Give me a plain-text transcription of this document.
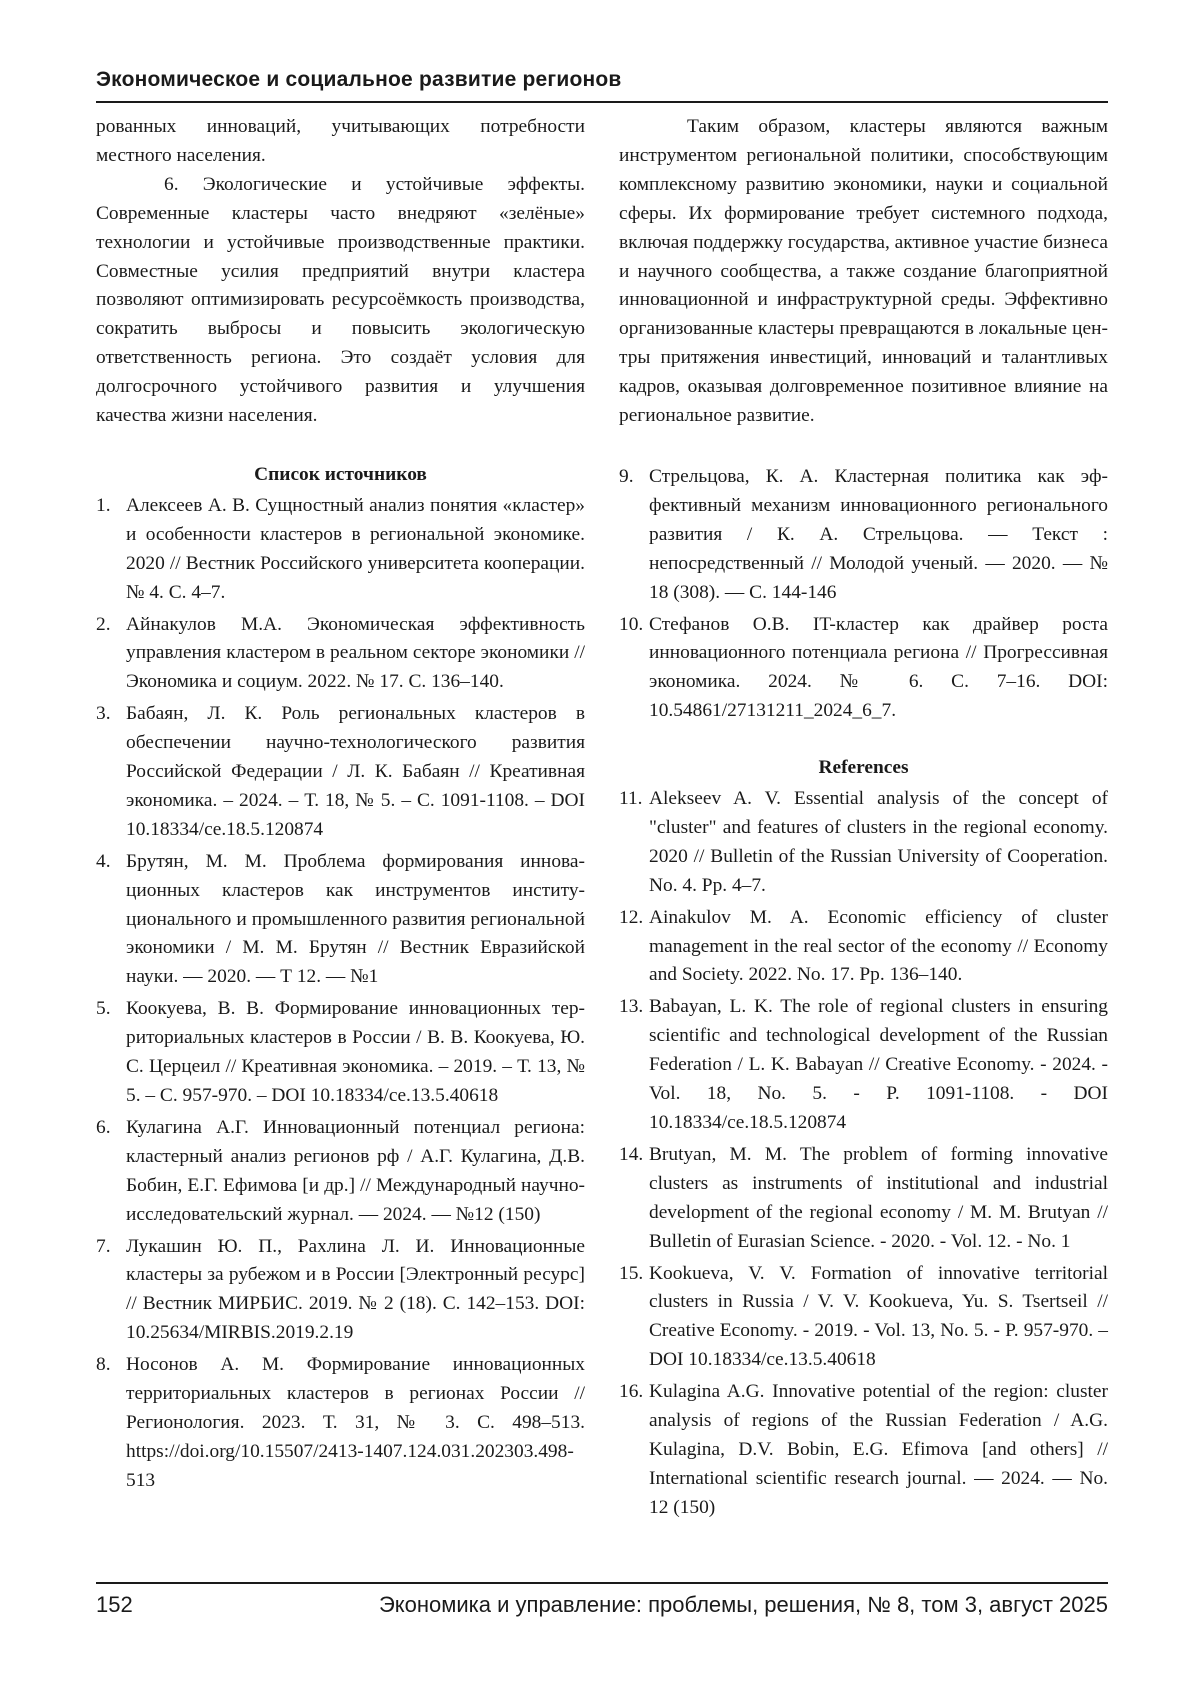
Экономическое и социальное развитие регионов

рованных инноваций, учитывающих потребности местного населения.

6. Экологические и устойчивые эффекты. Современные кластеры часто внедряют «зелёные» технологии и устойчивые производственные практики. Совместные усилия предприятий внутри кластера позволяют оптимизировать ресурсоёмкость производства, сократить выбросы и повысить экологическую ответственность региона. Это создаёт условия для долгосрочного устойчивого развития и улучшения качества жизни населения.

Список источников
1. Алексеев А. В. Сущностный анализ понятия «кластер» и особенности кластеров в региональной экономике. 2020 // Вестник Российского университета кооперации. № 4. С. 4–7.
2. Айнакулов М.А. Экономическая эффективность управления кластером в реальном секторе экономики // Экономика и социум. 2022. № 17. С. 136–140.
3. Бабаян, Л. К. Роль региональных кластеров в обеспечении научно-технологического развития Российской Федерации / Л. К. Бабаян // Креативная экономика. – 2024. – Т. 18, № 5. – С. 1091-1108. – DOI 10.18334/ce.18.5.120874
4. Брутян, М. М. Проблема формирования инновационных кластеров как инструментов институционального и промышленного развития региональной экономики / М. М. Брутян // Вестник Евразийской науки. — 2020. — Т 12. — №1
5. Коокуева, В. В. Формирование инновационных территориальных кластеров в России / В. В. Коокуева, Ю. С. Церцеил // Креативная экономика. – 2019. – Т. 13, № 5. – С. 957-970. – DOI 10.18334/ce.13.5.40618
6. Кулагина А.Г. Инновационный потенциал региона: кластерный анализ регионов рф / А.Г. Кулагина, Д.В. Бобин, Е.Г. Ефимова [и др.] // Международный научно-исследовательский журнал. — 2024. — №12 (150)
7. Лукашин Ю. П., Рахлина Л. И. Инновационные кластеры за рубежом и в России [Электронный ресурс] // Вестник МИРБИС. 2019. № 2 (18). С. 142–153. DOI: 10.25634/MIRBIS.2019.2.19
8. Носонов А. М. Формирование инновационных территориальных кластеров в регионах России // Регионология. 2023. Т. 31, № 3. С. 498–513. https://doi.org/10.15507/2413-1407.124.031.202303.498-513

Таким образом, кластеры являются важным инструментом региональной политики, способствующим комплексному развитию экономики, науки и социальной сферы. Их формирование требует системного подхода, включая поддержку государства, активное участие бизнеса и научного сообщества, а также создание благоприятной инновационной и инфраструктурной среды. Эффективно организованные кластеры превращаются в локальные центры притяжения инвестиций, инноваций и талантливых кадров, оказывая долговременное позитивное влияние на региональное развитие.

9. Стрельцова, К. А. Кластерная политика как эффективный механизм инновационного регионального развития / К. А. Стрельцова. — Текст : непосредственный // Молодой ученый. — 2020. — № 18 (308). — С. 144-146
10. Стефанов О.В. IT-кластер как драйвер роста инновационного потенциала региона // Прогрессивная экономика. 2024. № 6. С. 7–16. DOI: 10.54861/27131211_2024_6_7.
References
11. Alekseev A. V. Essential analysis of the concept of "cluster" and features of clusters in the regional economy. 2020 // Bulletin of the Russian University of Cooperation. No. 4. Pp. 4–7.
12. Ainakulov M. A. Economic efficiency of cluster management in the real sector of the economy // Economy and Society. 2022. No. 17. Pp. 136–140.
13. Babayan, L. K. The role of regional clusters in ensuring scientific and technological development of the Russian Federation / L. K. Babayan // Creative Economy. - 2024. - Vol. 18, No. 5. - P. 1091-1108. - DOI 10.18334/ce.18.5.120874
14. Brutyan, M. M. The problem of forming innovative clusters as instruments of institutional and industrial development of the regional economy / M. M. Brutyan // Bulletin of Eurasian Science. - 2020. - Vol. 12. - No. 1
15. Kookueva, V. V. Formation of innovative territorial clusters in Russia / V. V. Kookueva, Yu. S. Tsertseil // Creative Economy. - 2019. - Vol. 13, No. 5. - P. 957-970. – DOI 10.18334/ce.13.5.40618
16. Kulagina A.G. Innovative potential of the region: cluster analysis of regions of the Russian Federation / A.G. Kulagina, D.V. Bobin, E.G. Efimova [and others] // International scientific research journal. — 2024. — No. 12 (150)
152	Экономика и управление: проблемы, решения, № 8, том 3, август 2025
